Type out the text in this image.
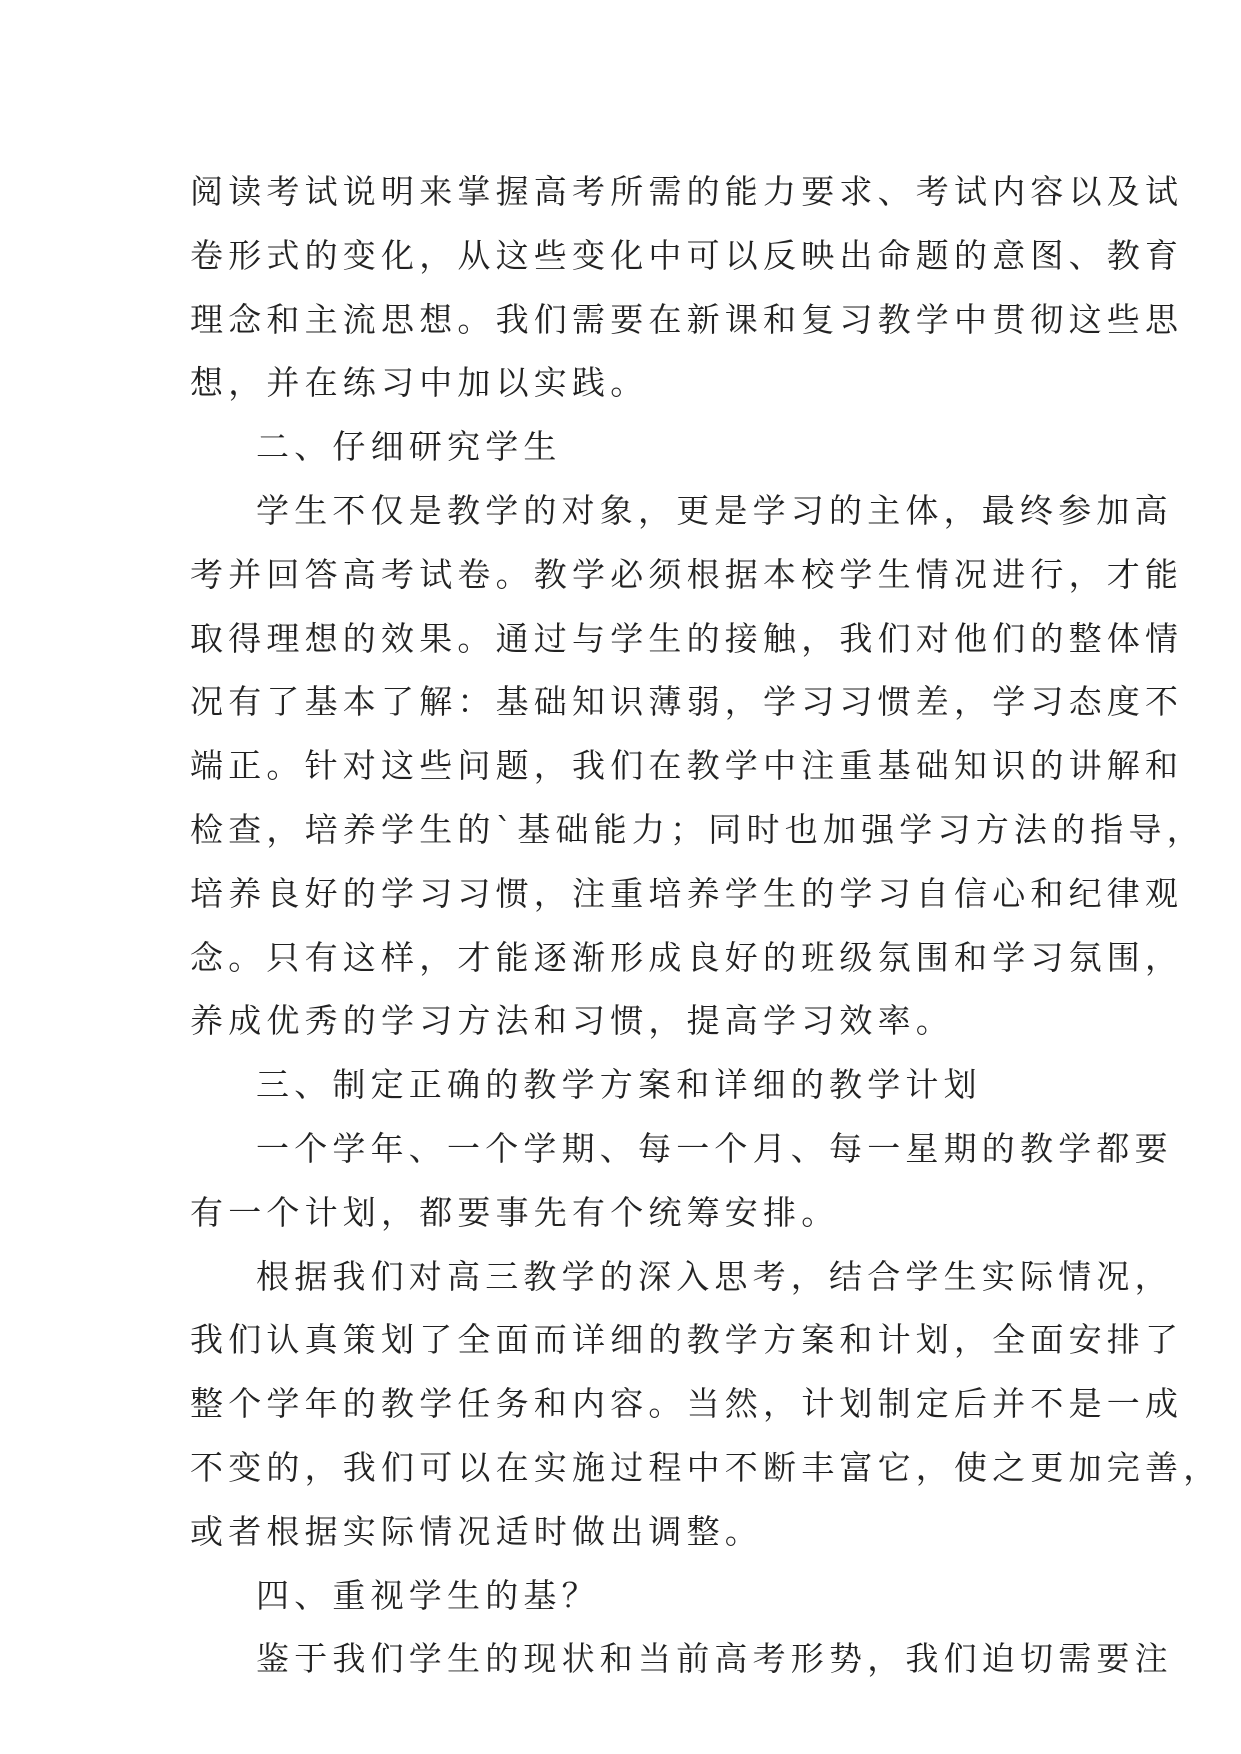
阅读考试说明来掌握高考所需的能力要求、考试内容以及试
卷形式的变化，从这些变化中可以反映出命题的意图、教育
理念和主流思想。我们需要在新课和复习教学中贯彻这些思
想，并在练习中加以实践。
二、仔细研究学生
学生不仅是教学的对象，更是学习的主体，最终参加高
考并回答高考试卷。教学必须根据本校学生情况进行，才能
取得理想的效果。通过与学生的接触，我们对他们的整体情
况有了基本了解：基础知识薄弱，学习习惯差，学习态度不
端正。针对这些问题，我们在教学中注重基础知识的讲解和
检查，培养学生的`基础能力；同时也加强学习方法的指导，
培养良好的学习习惯，注重培养学生的学习自信心和纪律观
念。只有这样，才能逐渐形成良好的班级氛围和学习氛围，
养成优秀的学习方法和习惯，提高学习效率。
三、制定正确的教学方案和详细的教学计划
一个学年、一个学期、每一个月、每一星期的教学都要
有一个计划，都要事先有个统筹安排。
根据我们对高三教学的深入思考，结合学生实际情况，
我们认真策划了全面而详细的教学方案和计划，全面安排了
整个学年的教学任务和内容。当然，计划制定后并不是一成
不变的，我们可以在实施过程中不断丰富它，使之更加完善，
或者根据实际情况适时做出调整。
四、重视学生的基？
鉴于我们学生的现状和当前高考形势，我们迫切需要注
